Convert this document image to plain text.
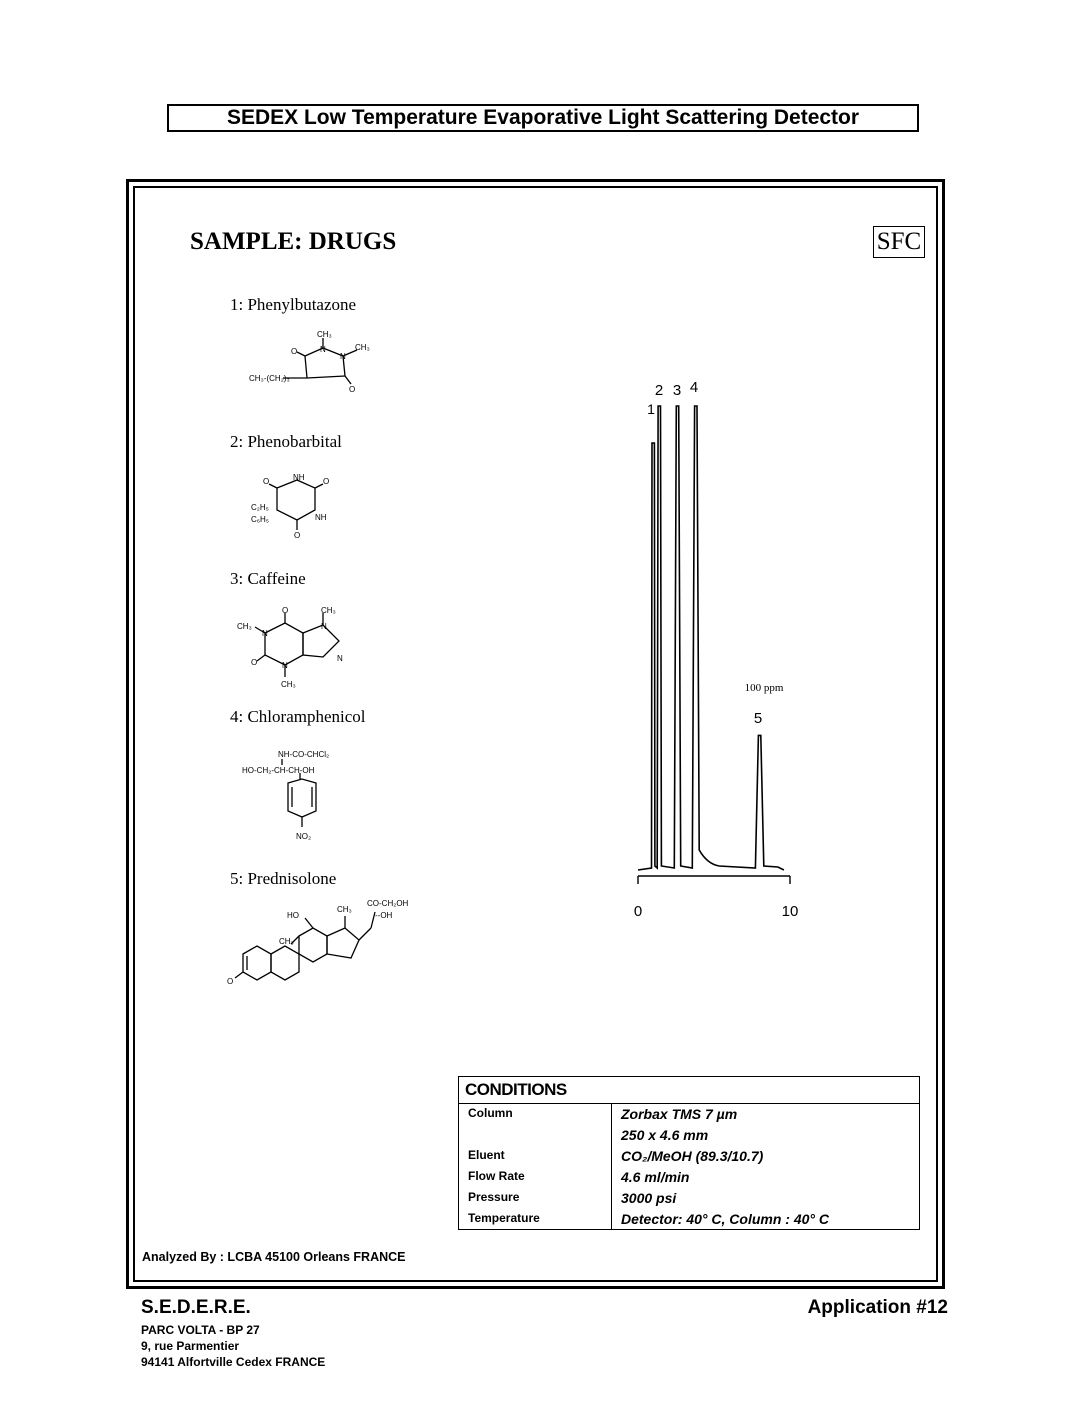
SEDEX Low Temperature Evaporative Light Scattering Detector
SAMPLE: DRUGS	SFC
1: Phenylbutazone
CH₃
CH₃
CH₃-(CH₂)₃
O
O
N
N
2: Phenobarbital
NH
NH
O	O
O
C₂H₅
C₆H₅
3: Caffeine
CH₃
CH₃
CH₃
O
O
N
N
N
N
4: Chloramphenicol
NH-CO-CHCl₂
HO-CH₂-CH-CH-OH
NO₂
5: Prednisolone
CO-CH₂OH
HO
CH₃
--OH
CH₃
O
0	10
1
2 3 4
5
100 ppm
CONDITIONS
Column	Zorbax TMS 7 µm
250 x 4.6 mm
Eluent	CO₂/MeOH (89.3/10.7)
Flow Rate	4.6 ml/min
Pressure	3000 psi
Temperature	Detector: 40° C, Column : 40° C
Analyzed By : LCBA 45100 Orleans FRANCE
S.E.D.E.R.E.
PARC VOLTA - BP 27
9, rue Parmentier
94141 Alfortville Cedex FRANCE
Application #12
